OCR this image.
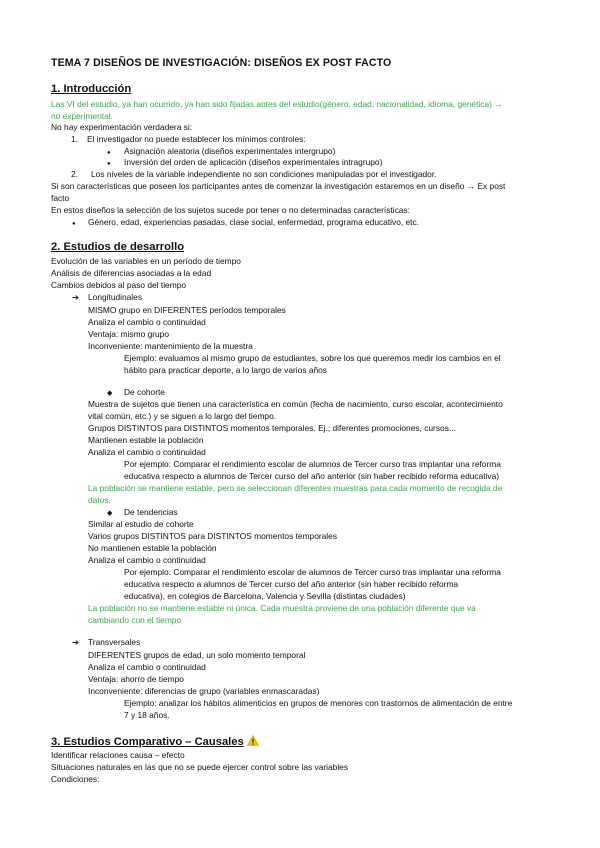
TEMA 7 DISEÑOS DE INVESTIGACIÓN: DISEÑOS EX POST FACTO
1. Introducción
Las VI del estudio, ya han ocurrido, ya han sido fijadas antes del estudio(género, edad, nacionalidad, idioma, genética) →
no experimental.
No hay experimentación verdadera si:
1. El investigador no puede establecer los mínimos controles:
● Asignación aleatoria (diseños experimentales intergrupo)
● Inversión del orden de aplicación (diseños experimentales intragrupo)
2. Los niveles de la variable independiente no son condiciones manipuladas por el investigador.
Si son características que poseen los participantes antes de comenzar la investigación estaremos en un diseño → Ex post
facto
En estos diseños la selección de los sujetos sucede por tener o no determinadas características:
● Género, edad, experiencias pasadas, clase social, enfermedad, programa educativo, etc.
2. Estudios de desarrollo
Evolución de las variables en un período de tiempo
Análisis de diferencias asociadas a la edad
Cambios debidos al paso del tiempo
➔ Longitudinales
MISMO grupo en DIFERENTES períodos temporales
Analiza el cambio o continuidad
Ventaja: mismo grupo
Inconveniente: mantenimiento de la muestra
Ejemplo: evaluamos al mismo grupo de estudiantes, sobre los que queremos medir los cambios en el
hábito para practicar deporte, a lo largo de varios años
◆ De cohorte
Muestra de sujetos que tienen una característica en común (fecha de nacimiento, curso escolar, acontecimiento
vital común, etc.) y se siguen a lo largo del tiempo.
Grupos DISTINTOS para DISTINTOS momentos temporales. Ej.; diferentes promociones, cursos...
Mantienen estable la población
Analiza el cambio o continuidad
Por ejemplo: Comparar el rendimiento escolar de alumnos de Tercer curso tras implantar una reforma
educativa respecto a alumnos de Tercer curso del año anterior (sin haber recibido reforma educativa)
La población se mantiene estable, pero se seleccionan diferentes muestras para cada momento de recogida de
datos.
◆ De tendencias
Similar al estudio de cohorte
Varios grupos DISTINTOS para DISTINTOS momentos temporales
No mantienen estable la población
Analiza el cambio o continuidad
Por ejemplo: Comparar el rendimiento escolar de alumnos de Tercer curso tras implantar una reforma
educativa respecto a alumnos de Tercer curso del año anterior (sin haber recibido reforma
educativa), en colegios de Barcelona, Valencia y Sevilla (distintas ciudades)
La población no se mantiene estable ni única. Cada muestra proviene de una población diferente que va
cambiando con el tiempo
➔ Transversales
DIFERENTES grupos de edad, un solo momento temporal
Analiza el cambio o continuidad
Ventaja: ahorro de tiempo
Inconveniente: diferencias de grupo (variables enmascaradas)
Ejemplo: analizar los hábitos alimenticios en grupos de menores con trastornos de alimentación de entre
7 y 18 años.
3. Estudios Comparativo – Causales
Identificar relaciones causa – efecto
Situaciones naturales en las que no se puede ejercer control sobre las variables
Condiciones:
